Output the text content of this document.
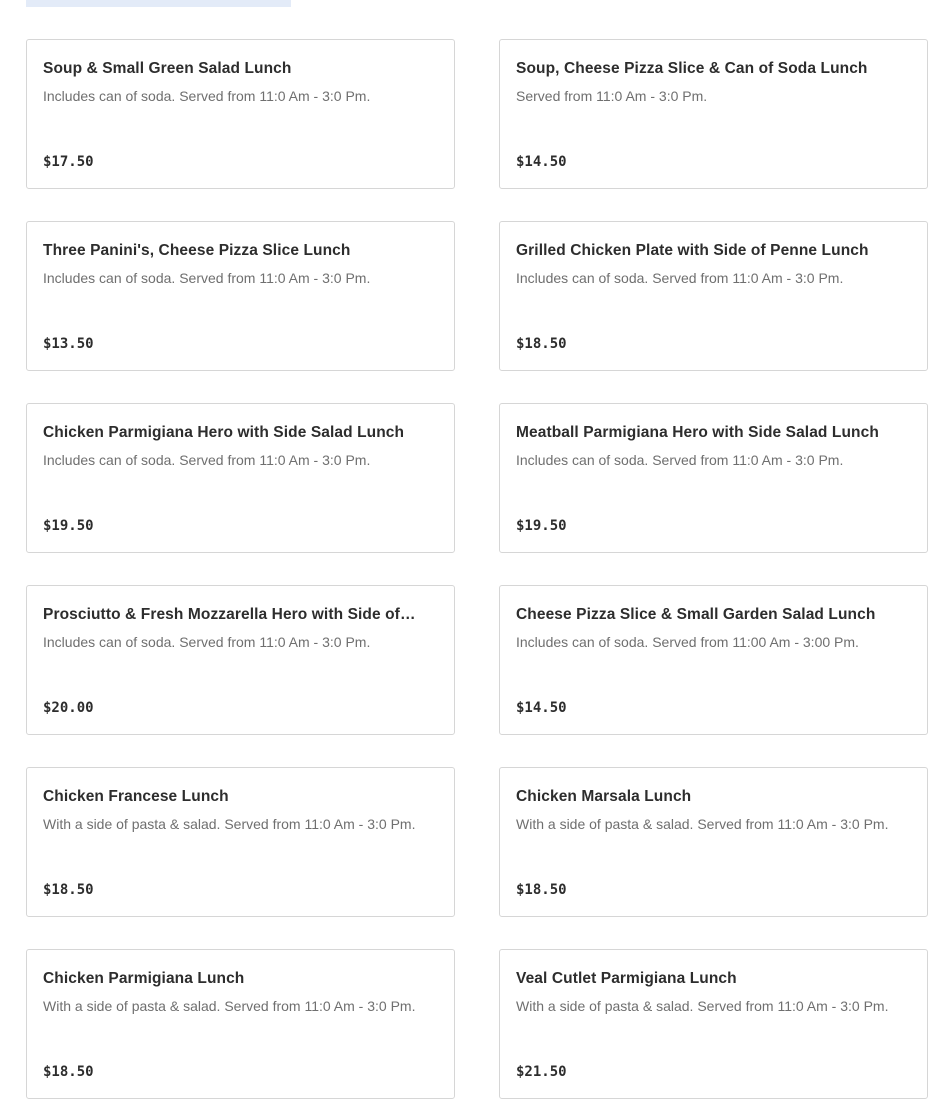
Soup & Small Green Salad Lunch
Includes can of soda. Served from 11:0 Am - 3:0 Pm.
$17.50
Soup, Cheese Pizza Slice & Can of Soda Lunch
Served from 11:0 Am - 3:0 Pm.
$14.50
Three Panini's, Cheese Pizza Slice Lunch
Includes can of soda. Served from 11:0 Am - 3:0 Pm.
$13.50
Grilled Chicken Plate with Side of Penne Lunch
Includes can of soda. Served from 11:0 Am - 3:0 Pm.
$18.50
Chicken Parmigiana Hero with Side Salad Lunch
Includes can of soda. Served from 11:0 Am - 3:0 Pm.
$19.50
Meatball Parmigiana Hero with Side Salad Lunch
Includes can of soda. Served from 11:0 Am - 3:0 Pm.
$19.50
Prosciutto & Fresh Mozzarella Hero with Side of…
Includes can of soda. Served from 11:0 Am - 3:0 Pm.
$20.00
Cheese Pizza Slice & Small Garden Salad Lunch
Includes can of soda. Served from 11:00 Am - 3:00 Pm.
$14.50
Chicken Francese Lunch
With a side of pasta & salad. Served from 11:0 Am - 3:0 Pm.
$18.50
Chicken Marsala Lunch
With a side of pasta & salad. Served from 11:0 Am - 3:0 Pm.
$18.50
Chicken Parmigiana Lunch
With a side of pasta & salad. Served from 11:0 Am - 3:0 Pm.
$18.50
Veal Cutlet Parmigiana Lunch
With a side of pasta & salad. Served from 11:0 Am - 3:0 Pm.
$21.50
